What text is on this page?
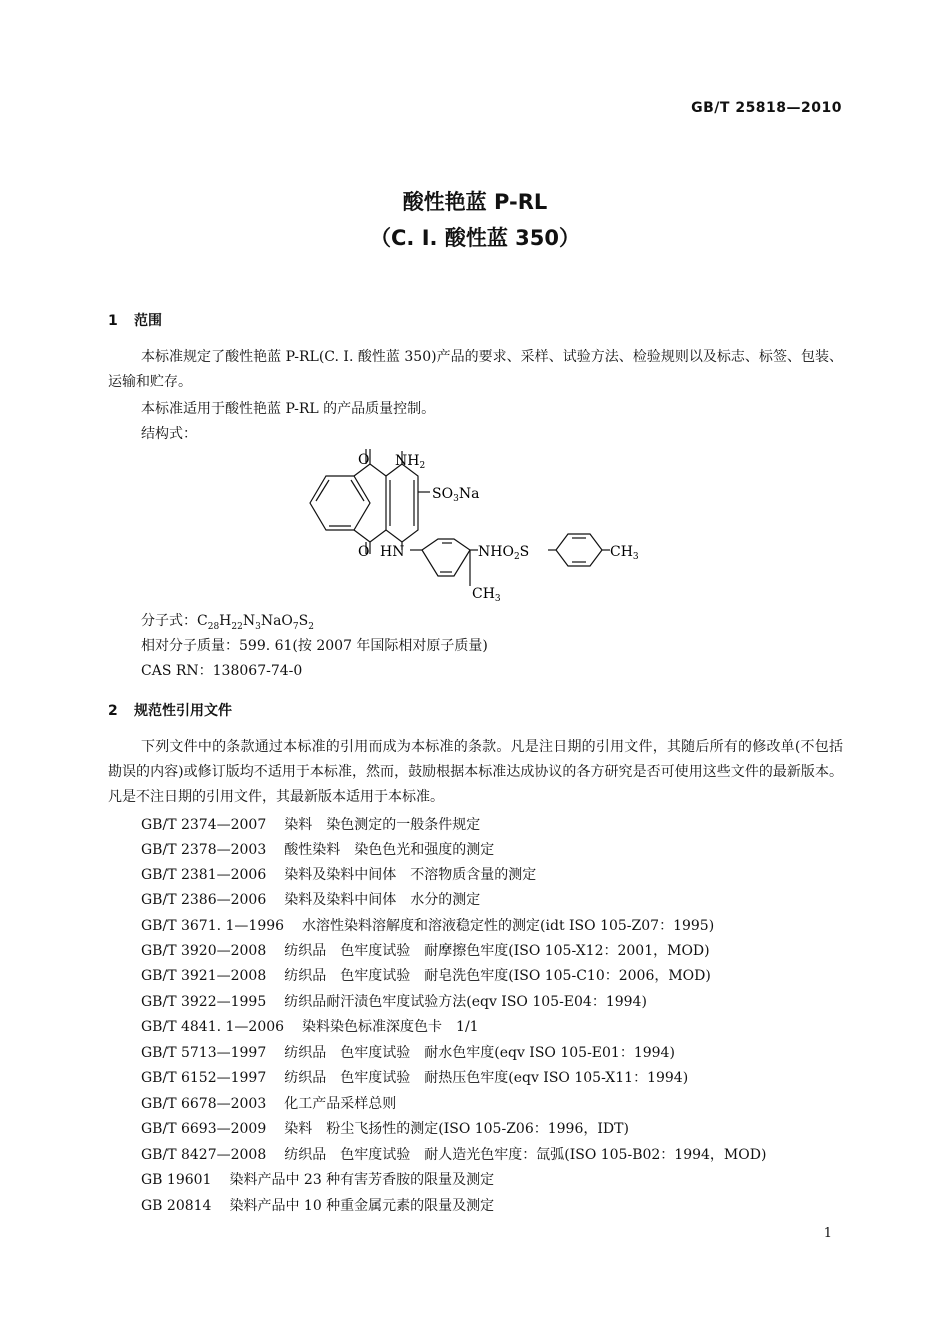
GB/T 25818—2010
酸性艳蓝 P-RL
（C. I. 酸性蓝 350）
1 范围
本标准规定了酸性艳蓝 P-RL(C. I. 酸性蓝 350)产品的要求、采样、试验方法、检验规则以及标志、标签、包装、运输和贮存。
本标准适用于酸性艳蓝 P-RL 的产品质量控制。
结构式：
O $NH_2$
$SO_3Na$
O HN	$NHO_2S$	$CH_3$
$CH_3$
分子式：$C_{28}H_{22}N_3NaO_7S_2$
相对分子质量：599. 61(按 2007 年国际相对原子质量)
CAS RN：138067-74-0
2 规范性引用文件
下列文件中的条款通过本标准的引用而成为本标准的条款。凡是注日期的引用文件，其随后所有的修改单(不包括勘误的内容)或修订版均不适用于本标准，然而，鼓励根据本标准达成协议的各方研究是否可使用这些文件的最新版本。凡是不注日期的引用文件，其最新版本适用于本标准。
GB/T 2374—2007 染料　染色测定的一般条件规定
GB/T 2378—2003 酸性染料　染色色光和强度的测定
GB/T 2381—2006 染料及染料中间体　不溶物质含量的测定
GB/T 2386—2006 染料及染料中间体　水分的测定
GB/T 3671. 1—1996 水溶性染料溶解度和溶液稳定性的测定(idt ISO 105-Z07：1995)
GB/T 3920—2008 纺织品　色牢度试验　耐摩擦色牢度(ISO 105-X12：2001，MOD)
GB/T 3921—2008 纺织品　色牢度试验　耐皂洗色牢度(ISO 105-C10：2006，MOD)
GB/T 3922—1995 纺织品耐汗渍色牢度试验方法(eqv ISO 105-E04：1994)
GB/T 4841. 1—2006 染料染色标准深度色卡　1/1
GB/T 5713—1997 纺织品　色牢度试验　耐水色牢度(eqv ISO 105-E01：1994)
GB/T 6152—1997 纺织品　色牢度试验　耐热压色牢度(eqv ISO 105-X11：1994)
GB/T 6678—2003 化工产品采样总则
GB/T 6693—2009 染料　粉尘飞扬性的测定(ISO 105-Z06：1996，IDT)
GB/T 8427—2008 纺织品　色牢度试验　耐人造光色牢度：氙弧(ISO 105-B02：1994，MOD)
GB 19601 染料产品中 23 种有害芳香胺的限量及测定
GB 20814 染料产品中 10 种重金属元素的限量及测定
1
